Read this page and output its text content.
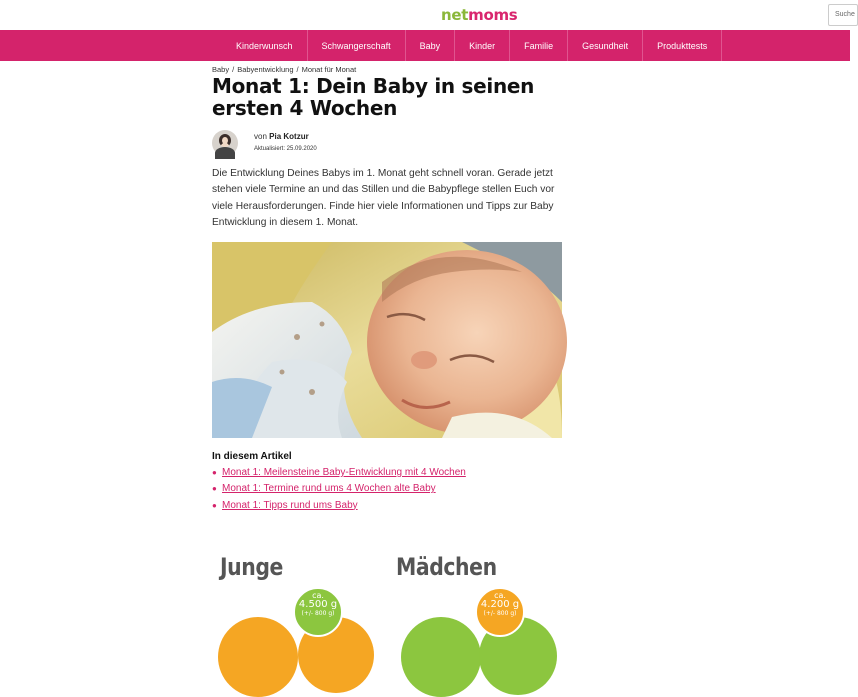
netmoms	Suche
Kinderwunsch	Schwangerschaft	Baby	Kinder	Familie	Gesundheit	Produkttests
Baby / Babyentwicklung / Monat für Monat
Monat 1: Dein Baby in seinen ersten 4 Wochen
von Pia Kotzur
Aktualisiert: 25.09.2020

Die Entwicklung Deines Babys im 1. Monat geht schnell voran. Gerade jetzt stehen viele Termine an und das Stillen und die Babypflege stellen Euch vor viele Herausforderungen. Finde hier viele Informationen und Tipps zur Baby Entwicklung in diesem 1. Monat.

In diesem Artikel
● Monat 1: Meilensteine Baby-Entwicklung mit 4 Wochen
● Monat 1: Termine rund ums 4 Wochen alte Baby
● Monat 1: Tipps rund ums Baby
Junge	Mädchen
ca.
4.500 g
(+/- 800 g)
ca.
4.200 g
(+/- 800 g)
